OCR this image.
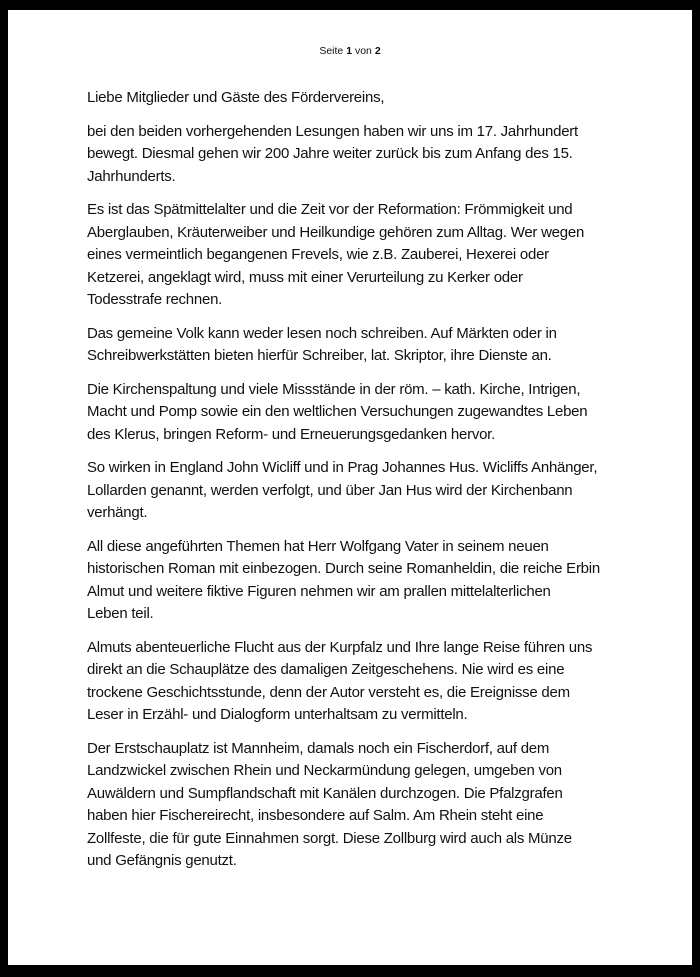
Seite 1 von 2

Liebe Mitglieder und Gäste des Fördervereins,

bei den beiden vorhergehenden Lesungen haben wir uns im 17. Jahrhundert
bewegt. Diesmal gehen wir 200 Jahre weiter zurück bis zum Anfang des 15.
Jahrhunderts.

Es ist das Spätmittelalter und die Zeit vor der Reformation: Frömmigkeit und
Aberglauben, Kräuterweiber und Heilkundige gehören zum Alltag. Wer wegen
eines vermeintlich begangenen Frevels, wie z.B. Zauberei, Hexerei oder
Ketzerei, angeklagt wird, muss mit einer Verurteilung zu Kerker oder
Todesstrafe rechnen.

Das gemeine Volk kann weder lesen noch schreiben. Auf Märkten oder in
Schreibwerkstätten bieten hierfür Schreiber, lat. Skriptor, ihre Dienste an.

Die Kirchenspaltung und viele Missstände in der röm. – kath. Kirche, Intrigen,
Macht und Pomp sowie ein den weltlichen Versuchungen zugewandtes Leben
des Klerus, bringen Reform- und Erneuerungsgedanken hervor.

So wirken in England John Wicliff und in Prag Johannes Hus. Wicliffs Anhänger,
Lollarden genannt, werden verfolgt, und über Jan Hus wird der Kirchenbann
verhängt.

All diese angeführten Themen hat Herr Wolfgang Vater in seinem neuen
historischen Roman mit einbezogen. Durch seine Romanheldin, die reiche Erbin
Almut und weitere fiktive Figuren nehmen wir am prallen mittelalterlichen
Leben teil.

Almuts abenteuerliche Flucht aus der Kurpfalz und Ihre lange Reise führen uns
direkt an die Schauplätze des damaligen Zeitgeschehens. Nie wird es eine
trockene Geschichtsstunde, denn der Autor versteht es, die Ereignisse dem
Leser in Erzähl- und Dialogform unterhaltsam zu vermitteln.

Der Erstschauplatz ist Mannheim, damals noch ein Fischerdorf, auf dem
Landzwickel zwischen Rhein und Neckarmündung gelegen, umgeben von
Auwäldern und Sumpflandschaft mit Kanälen durchzogen. Die Pfalzgrafen
haben hier Fischereirecht, insbesondere auf Salm. Am Rhein steht eine
Zollfeste, die für gute Einnahmen sorgt. Diese Zollburg wird auch als Münze
und Gefängnis genutzt.
